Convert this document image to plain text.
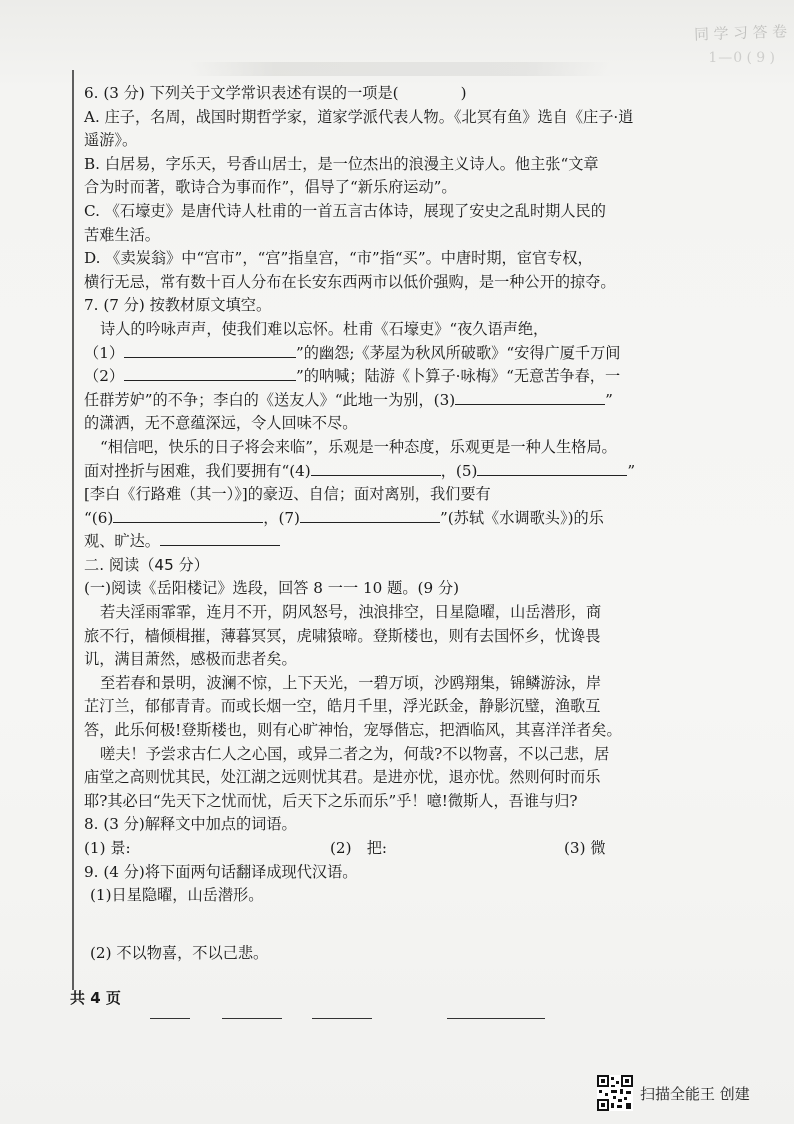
同 学 习 答 卷
1—0 ( 9 )
6. (3 分) 下列关于文学常识表述有误的一项是(	)
A. 庄子，名周，战国时期哲学家，道家学派代表人物。《北冥有鱼》选自《庄子·逍
遥游》。
B. 白居易，字乐天，号香山居士，是一位杰出的浪漫主义诗人。他主张“文章
合为时而著，歌诗合为事而作”，倡导了“新乐府运动”。
C. 《石壕吏》是唐代诗人杜甫的一首五言古体诗，展现了安史之乱时期人民的
苦难生活。
D. 《卖炭翁》中“宫市”，“宫”指皇宫，“市”指“买”。中唐时期，宦官专权，
横行无忌，常有数十百人分布在长安东西两市以低价强购，是一种公开的掠夺。
7. (7 分) 按教材原文填空。
诗人的吟咏声声，使我们难以忘怀。杜甫《石壕吏》“夜久语声绝，
（1）	”的幽怨;《茅屋为秋风所破歌》“安得广厦千万间
（2）	”的呐喊；陆游《卜算子·咏梅》“无意苦争春，一
任群芳妒”的不争；李白的《送友人》“此地一为别，(3)	”
的潇洒，无不意蕴深远，令人回味不尽。
“相信吧，快乐的日子将会来临”，乐观是一种态度，乐观更是一种人生格局。
面对挫折与困难，我们要拥有“(4)	，(5)	”
[李白《行路难（其一）》]的豪迈、自信；面对离别，我们要有
“(6)	，(7)	”(苏轼《水调歌头》)的乐
观、旷达。
二. 阅读（45 分）
(一)阅读《岳阳楼记》选段，回答 8 一一 10 题。(9 分)
若夫淫雨霏霏，连月不开，阴风怒号，浊浪排空，日星隐曜，山岳潜形，商
旅不行，樯倾楫摧，薄暮冥冥，虎啸猿啼。登斯楼也，则有去国怀乡，忧谗畏
讥，满目萧然，感极而悲者矣。
至若春和景明，波澜不惊，上下天光，一碧万顷，沙鸥翔集，锦鳞游泳，岸
芷汀兰，郁郁青青。而或长烟一空，皓月千里，浮光跃金，静影沉璧，渔歌互
答，此乐何极!登斯楼也，则有心旷神怡，宠辱偕忘，把酒临风，其喜洋洋者矣。
嗟夫！予尝求古仁人之心国，或异二者之为，何哉?不以物喜，不以己悲，居
庙堂之高则忧其民，处江湖之远则忧其君。是进亦忧，退亦忧。然则何时而乐
耶?其必曰“先天下之忧而忧，后天下之乐而乐”乎！噫!微斯人，吾谁与归?
8. (3 分)解释文中加点的词语。
(1) 景:	(2)　把:	(3) 微
9. (4 分)将下面两句话翻译成现代汉语。
(1)日星隐曜，山岳潜形。
(2) 不以物喜，不以己悲。
共 4 页
扫描全能王 创建
